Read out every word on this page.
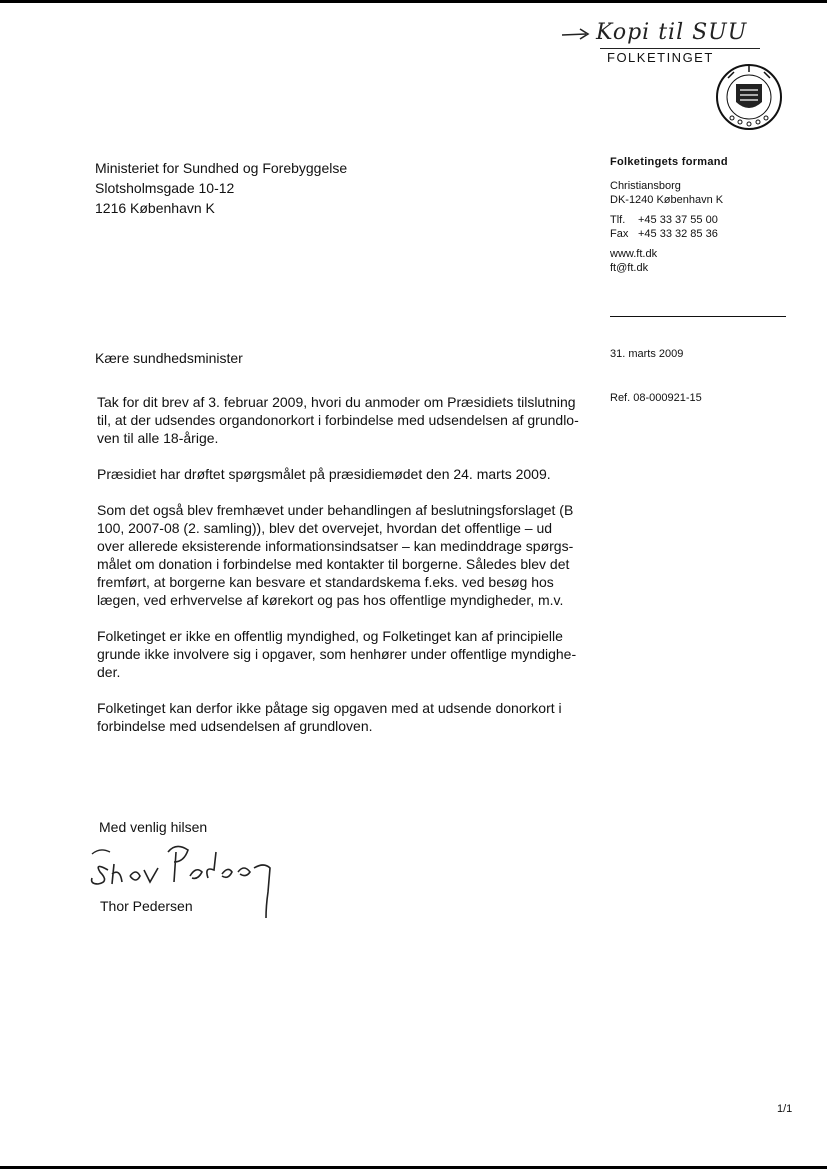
Kopi til SUU
FOLKETINGET
Ministeriet for Sundhed og Forebyggelse
Slotsholmsgade 10-12
1216 København K
Folketingets formand
Christiansborg
DK-1240 København K
Tlf.	+45 33 37 55 00
Fax +45 33 32 85 36
www.ft.dk
ft@ft.dk
31. marts 2009
Ref. 08-000921-15
Kære sundhedsminister

Tak for dit brev af 3. februar 2009, hvori du anmoder om Præsidiets tilslutning
til, at der udsendes organdonorkort i forbindelse med udsendelsen af grundlo-
ven til alle 18-årige.

Præsidiet har drøftet spørgsmålet på præsidiemødet den 24. marts 2009.

Som det også blev fremhævet under behandlingen af beslutningsforslaget (B
100, 2007-08 (2. samling)), blev det overvejet, hvordan det offentlige – ud
over allerede eksisterende informationsindsatser – kan medinddrage spørgs-
målet om donation i forbindelse med kontakter til borgerne. Således blev det
fremført, at borgerne kan besvare et standardskema f.eks. ved besøg hos
lægen, ved erhvervelse af kørekort og pas hos offentlige myndigheder, m.v.

Folketinget er ikke en offentlig myndighed, og Folketinget kan af principielle
grunde ikke involvere sig i opgaver, som henhører under offentlige myndighe-
der.

Folketinget kan derfor ikke påtage sig opgaven med at udsende donorkort i
forbindelse med udsendelsen af grundloven.

Med venlig hilsen
Thor Pedersen
1/1
